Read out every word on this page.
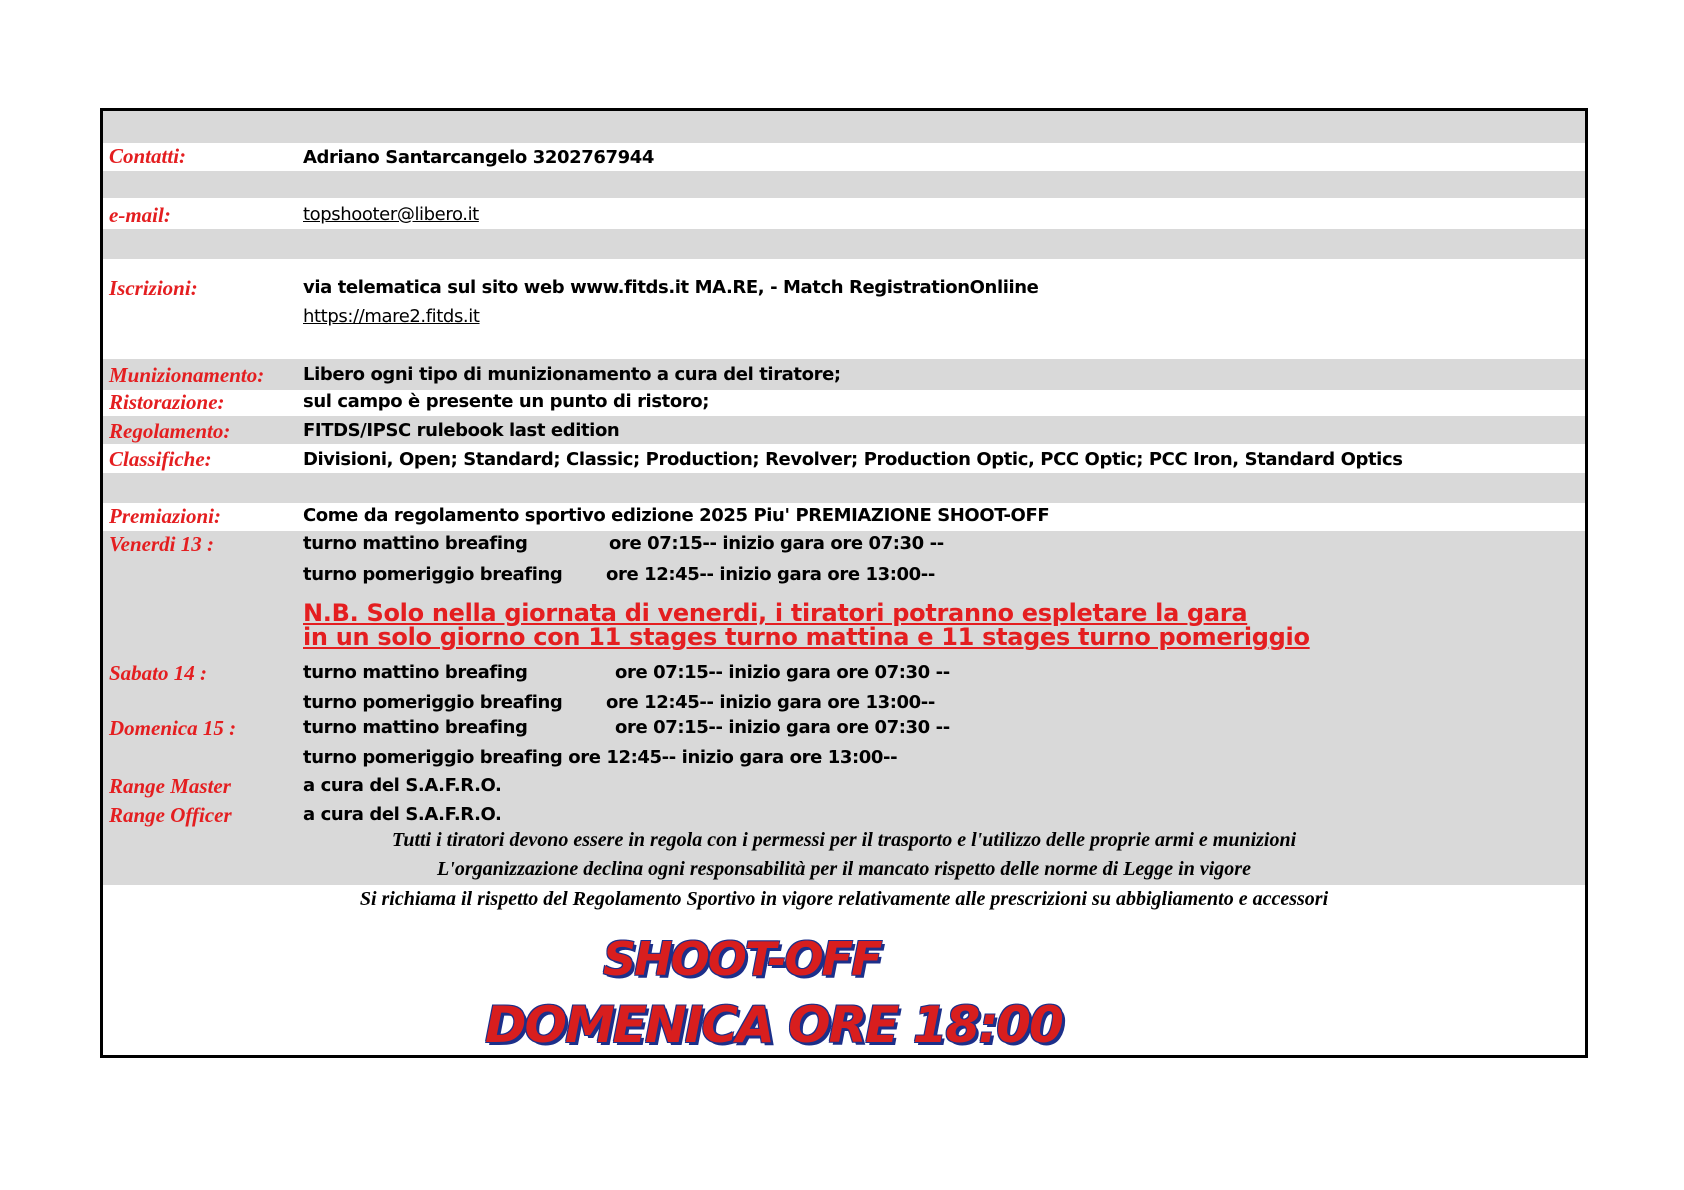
Contatti:	Adriano Santarcangelo 3202767944
e-mail:	topshooter@libero.it
Iscrizioni:	via telematica sul sito web www.fitds.it MA.RE, - Match RegistrationOnliine
https://mare2.fitds.it
Munizionamento: Libero ogni tipo di munizionamento a cura del tiratore;
Ristorazione:	sul campo è presente un punto di ristoro;
Regolamento:	FITDS/IPSC rulebook last edition
Classifiche:	Divisioni, Open; Standard; Classic; Production; Revolver; Production Optic, PCC Optic; PCC Iron, Standard Optics
Premiazioni:	Come da regolamento sportivo edizione 2025 Piu' PREMIAZIONE SHOOT-OFF
Venerdi 13 :	turno mattino breafing	ore 07:15-- inizio gara ore 07:30 --
turno pomeriggio breafing ore 12:45-- inizio gara ore 13:00--
N.B. Solo nella giornata di venerdi, i tiratori potranno espletare la gara
in un solo giorno con 11 stages turno mattina e 11 stages turno pomeriggio
Sabato 14 :	turno mattino breafing	ore 07:15-- inizio gara ore 07:30 --
turno pomeriggio breafing ore 12:45-- inizio gara ore 13:00--
Domenica 15 :	turno mattino breafing	ore 07:15-- inizio gara ore 07:30 --
turno pomeriggio breafing ore 12:45-- inizio gara ore 13:00--
Range Master	a cura del S.A.F.R.O.
Range Officer	a cura del S.A.F.R.O.
Tutti i tiratori devono essere in regola con i permessi per il trasporto e l'utilizzo delle proprie armi e munizioni
L'organizzazione declina ogni responsabilità per il mancato rispetto delle norme di Legge in vigore
Si richiama il rispetto del Regolamento Sportivo in vigore relativamente alle prescrizioni su abbigliamento e accessori
SHOOT-OFF
DOMENICA ORE 18:00
